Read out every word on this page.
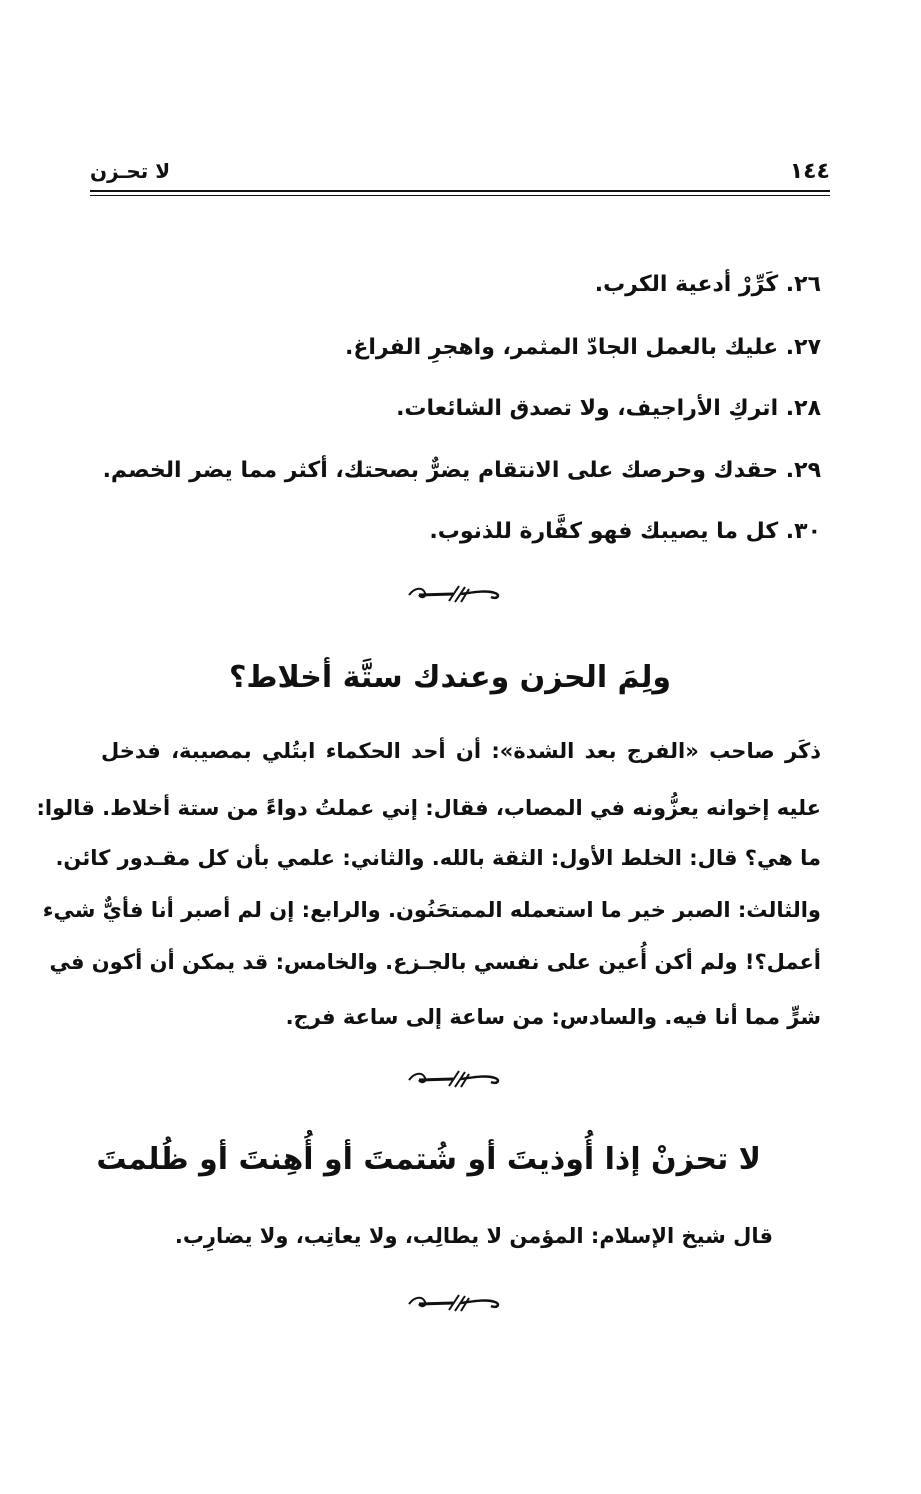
١٤٤
لا تحـزن
٢٦. كَرِّرْ أدعية الكرب.
٢٧. عليك بالعمل الجادّ المثمر، واهجرِ الفراغ.
٢٨. اتركِ الأراجيف، ولا تصدق الشائعات.
٢٩. حقدك وحرصك على الانتقام يضرٌّ بصحتك، أكثر مما يضر الخصم.
٣٠. كل ما يصيبك فهو كفَّارة للذنوب.
ولِمَ الحزن وعندك ستَّة أخلاط؟
ذكَر صاحب «الفرج بعد الشدة»: أن أحد الحكماء ابتُلي بمصيبة، فدخل
عليه إخوانه يعزُّونه في المصاب، فقال: إني عملتُ دواءً من ستة أخلاط. قالوا:
ما هي؟ قال: الخلط الأول: الثقة بالله. والثاني: علمي بأن كل مقـدور كائن.
والثالث: الصبر خير ما استعمله الممتحَنُون. والرابع: إن لم أصبر أنا فأيٌّ شيء
أعمل؟! ولم أكن أُعين على نفسي بالجـزع. والخامس: قد يمكن أن أكون في
شرٍّ مما أنا فيه. والسادس: من ساعة إلى ساعة فرج.
لا تحزنْ إذا أُوذيتَ أو شُتمتَ أو أُهِنتَ أو ظُلمتَ
قال شيخ الإسلام: المؤمن لا يطالِب، ولا يعاتِب، ولا يضارِب.
